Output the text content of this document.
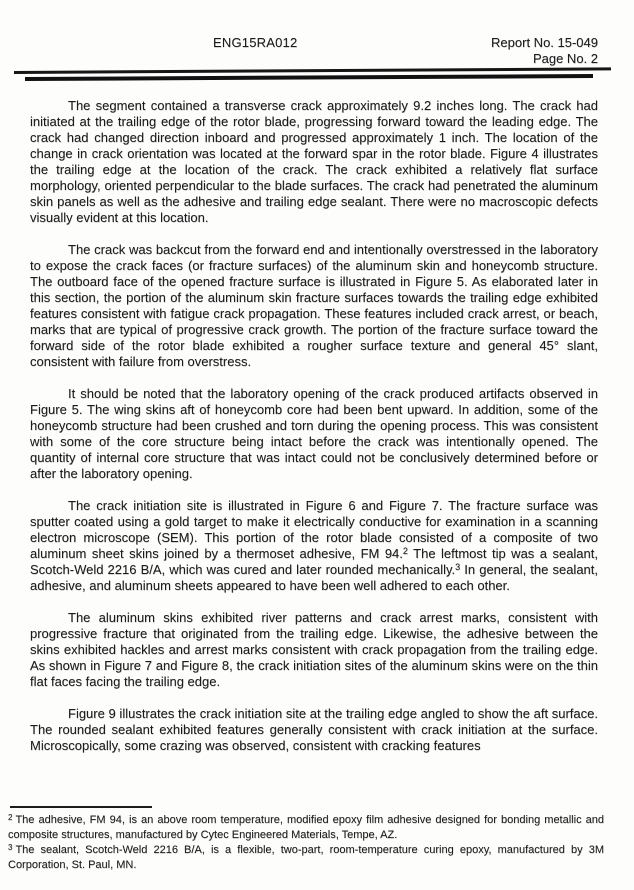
ENG15RA012	Report No. 15-049
Page No. 2

The segment contained a transverse crack approximately 9.2 inches long. The crack had initiated at the trailing edge of the rotor blade, progressing forward toward the leading edge. The crack had changed direction inboard and progressed approximately 1 inch. The location of the change in crack orientation was located at the forward spar in the rotor blade. Figure 4 illustrates the trailing edge at the location of the crack. The crack exhibited a relatively flat surface morphology, oriented perpendicular to the blade surfaces. The crack had penetrated the aluminum skin panels as well as the adhesive and trailing edge sealant. There were no macroscopic defects visually evident at this location.

The crack was backcut from the forward end and intentionally overstressed in the laboratory to expose the crack faces (or fracture surfaces) of the aluminum skin and honeycomb structure. The outboard face of the opened fracture surface is illustrated in Figure 5. As elaborated later in this section, the portion of the aluminum skin fracture surfaces towards the trailing edge exhibited features consistent with fatigue crack propagation. These features included crack arrest, or beach, marks that are typical of progressive crack growth. The portion of the fracture surface toward the forward side of the rotor blade exhibited a rougher surface texture and general 45° slant, consistent with failure from overstress.

It should be noted that the laboratory opening of the crack produced artifacts observed in Figure 5. The wing skins aft of honeycomb core had been bent upward. In addition, some of the honeycomb structure had been crushed and torn during the opening process. This was consistent with some of the core structure being intact before the crack was intentionally opened. The quantity of internal core structure that was intact could not be conclusively determined before or after the laboratory opening.

The crack initiation site is illustrated in Figure 6 and Figure 7. The fracture surface was sputter coated using a gold target to make it electrically conductive for examination in a scanning electron microscope (SEM). This portion of the rotor blade consisted of a composite of two aluminum sheet skins joined by a thermoset adhesive, FM 94.$^2$ The leftmost tip was a sealant, Scotch-Weld 2216 B/A, which was cured and later rounded mechanically.$^3$ In general, the sealant, adhesive, and aluminum sheets appeared to have been well adhered to each other.

The aluminum skins exhibited river patterns and crack arrest marks, consistent with progressive fracture that originated from the trailing edge. Likewise, the adhesive between the skins exhibited hackles and arrest marks consistent with crack propagation from the trailing edge. As shown in Figure 7 and Figure 8, the crack initiation sites of the aluminum skins were on the thin flat faces facing the trailing edge.

Figure 9 illustrates the crack initiation site at the trailing edge angled to show the aft surface. The rounded sealant exhibited features generally consistent with crack initiation at the surface. Microscopically, some crazing was observed, consistent with cracking features

$^2$ The adhesive, FM 94, is an above room temperature, modified epoxy film adhesive designed for bonding metallic and composite structures, manufactured by Cytec Engineered Materials, Tempe, AZ.

$^3$ The sealant, Scotch-Weld 2216 B/A, is a flexible, two-part, room-temperature curing epoxy, manufactured by 3M Corporation, St. Paul, MN.
